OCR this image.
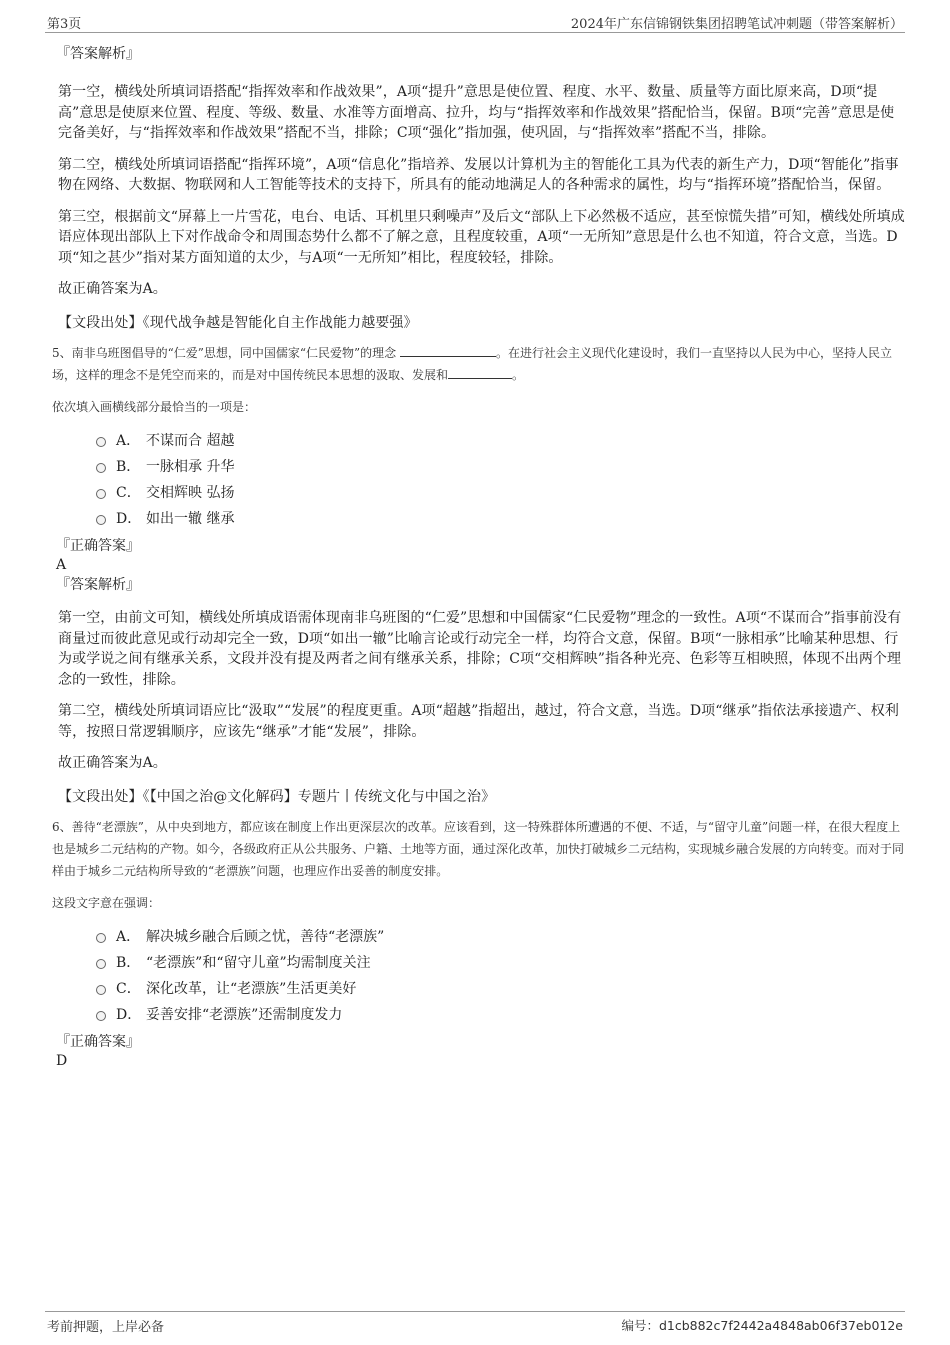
第3页	2024年广东信锦钢铁集团招聘笔试冲刺题（带答案解析）

『答案解析』

第一空，横线处所填词语搭配“指挥效率和作战效果”，A项“提升”意思是使位置、程度、水平、数量、质量等方面比原来高，D项“提高”意思是使原来位置、程度、等级、数量、水准等方面增高、拉升，均与“指挥效率和作战效果”搭配恰当，保留。B项“完善”意思是使完备美好，与“指挥效率和作战效果”搭配不当，排除；C项“强化”指加强，使巩固，与“指挥效率”搭配不当，排除。

第二空，横线处所填词语搭配“指挥环境”，A项“信息化”指培养、发展以计算机为主的智能化工具为代表的新生产力，D项“智能化”指事物在网络、大数据、物联网和人工智能等技术的支持下，所具有的能动地满足人的各种需求的属性，均与“指挥环境”搭配恰当，保留。

第三空，根据前文“屏幕上一片雪花，电台、电话、耳机里只剩噪声”及后文“部队上下必然极不适应，甚至惊慌失措”可知，横线处所填成语应体现出部队上下对作战命令和周围态势什么都不了解之意，且程度较重，A项“一无所知”意思是什么也不知道，符合文意，当选。D项“知之甚少”指对某方面知道的太少，与A项“一无所知”相比，程度较轻，排除。

故正确答案为A。

【文段出处】《现代战争越是智能化自主作战能力越要强》

5、南非乌班图倡导的“仁爱”思想，同中国儒家“仁民爱物”的理念	。在进行社会主义现代化建设时，我们一直坚持以人民为中心，坚持人民立场，这样的理念不是凭空而来的，而是对中国传统民本思想的汲取、发展和	。

依次填入画横线部分最恰当的一项是：

A． 不谋而合 超越
B． 一脉相承 升华
C． 交相辉映 弘扬
D． 如出一辙 继承

『正确答案』

A

『答案解析』

第一空，由前文可知，横线处所填成语需体现南非乌班图的“仁爱”思想和中国儒家“仁民爱物”理念的一致性。A项“不谋而合”指事前没有商量过而彼此意见或行动却完全一致，D项“如出一辙”比喻言论或行动完全一样，均符合文意，保留。B项“一脉相承”比喻某种思想、行为或学说之间有继承关系，文段并没有提及两者之间有继承关系，排除；C项“交相辉映”指各种光亮、色彩等互相映照，体现不出两个理念的一致性，排除。

第二空，横线处所填词语应比“汲取”“发展”的程度更重。A项“超越”指超出，越过，符合文意，当选。D项“继承”指依法承接遗产、权利等，按照日常逻辑顺序，应该先“继承”才能“发展”，排除。

故正确答案为A。

【文段出处】《【中国之治@文化解码】专题片丨传统文化与中国之治》

6、善待“老漂族”，从中央到地方，都应该在制度上作出更深层次的改革。应该看到，这一特殊群体所遭遇的不便、不适，与“留守儿童”问题一样，在很大程度上也是城乡二元结构的产物。如今，各级政府正从公共服务、户籍、土地等方面，通过深化改革，加快打破城乡二元结构，实现城乡融合发展的方向转变。而对于同样由于城乡二元结构所导致的“老漂族”问题，也理应作出妥善的制度安排。

这段文字意在强调：

A． 解决城乡融合后顾之忧，善待“老漂族”
B． “老漂族”和“留守儿童”均需制度关注
C． 深化改革，让“老漂族”生活更美好
D． 妥善安排“老漂族”还需制度发力

『正确答案』

D

考前押题，上岸必备	编号：d1cb882c7f2442a4848ab06f37eb012e
